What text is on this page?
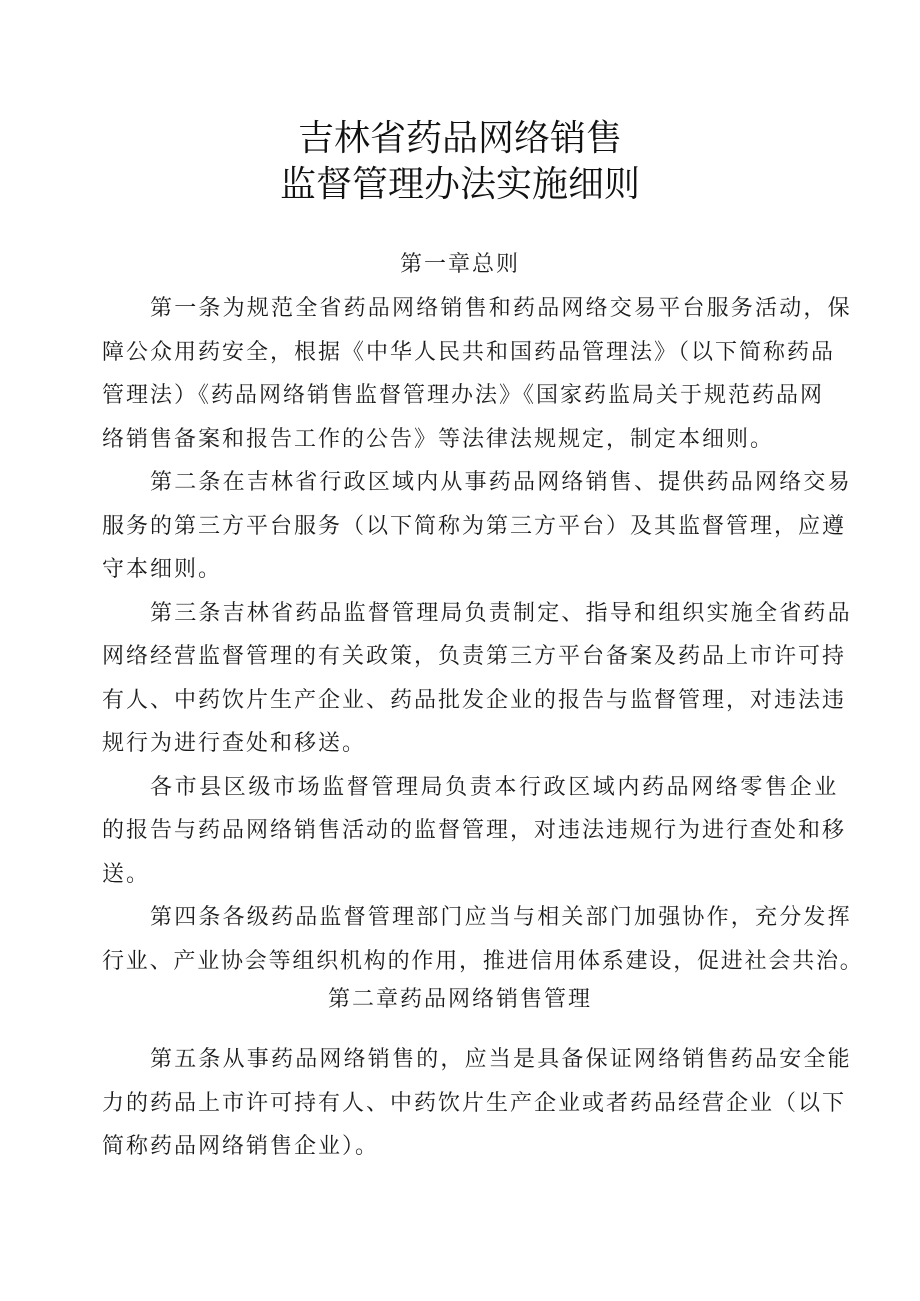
吉林省药品网络销售
监督管理办法实施细则
第一章总则
第一条为规范全省药品网络销售和药品网络交易平台服务活动，保
障公众用药安全，根据《中华人民共和国药品管理法》（以下简称药品
管理法）《药品网络销售监督管理办法》《国家药监局关于规范药品网
络销售备案和报告工作的公告》等法律法规规定，制定本细则。
第二条在吉林省行政区域内从事药品网络销售、提供药品网络交易
服务的第三方平台服务（以下简称为第三方平台）及其监督管理，应遵
守本细则。
第三条吉林省药品监督管理局负责制定、指导和组织实施全省药品
网络经营监督管理的有关政策，负责第三方平台备案及药品上市许可持
有人、中药饮片生产企业、药品批发企业的报告与监督管理，对违法违
规行为进行查处和移送。
各市县区级市场监督管理局负责本行政区域内药品网络零售企业
的报告与药品网络销售活动的监督管理，对违法违规行为进行查处和移
送。
第四条各级药品监督管理部门应当与相关部门加强协作，充分发挥
行业、产业协会等组织机构的作用，推进信用体系建设，促进社会共治。
第二章药品网络销售管理
第五条从事药品网络销售的，应当是具备保证网络销售药品安全能
力的药品上市许可持有人、中药饮片生产企业或者药品经营企业（以下
简称药品网络销售企业）。
